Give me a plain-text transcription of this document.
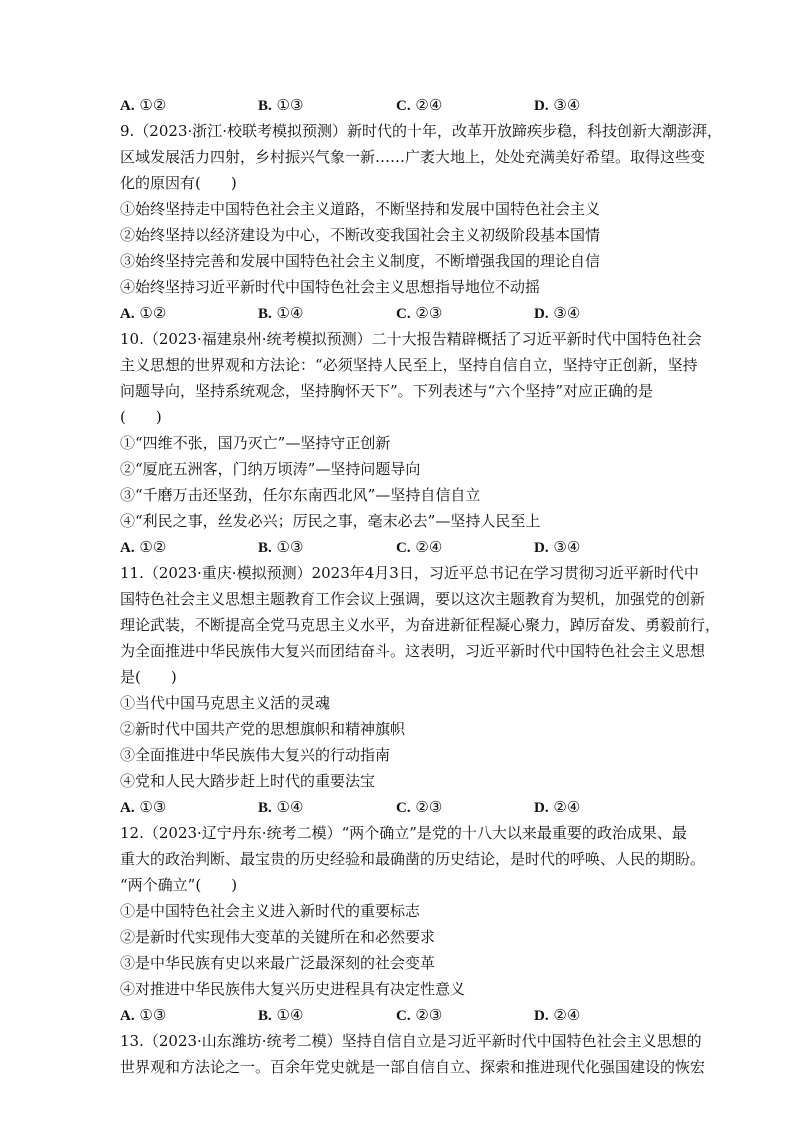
A. ①②	B. ①③	C. ②④	D. ③④
9.（2023·浙江·校联考模拟预测）新时代的十年，改革开放蹄疾步稳，科技创新大潮澎湃，
区域发展活力四射，乡村振兴气象一新……广袤大地上，处处充满美好希望。取得这些变
化的原因有(　　)
①始终坚持走中国特色社会主义道路，不断坚持和发展中国特色社会主义
②始终坚持以经济建设为中心，不断改变我国社会主义初级阶段基本国情
③始终坚持完善和发展中国特色社会主义制度，不断增强我国的理论自信
④始终坚持习近平新时代中国特色社会主义思想指导地位不动摇
A. ①②	B. ①④	C. ②③	D. ③④
10.（2023·福建泉州·统考模拟预测）二十大报告精辟概括了习近平新时代中国特色社会
主义思想的世界观和方法论：“必须坚持人民至上，坚持自信自立，坚持守正创新，坚持
问题导向，坚持系统观念，坚持胸怀天下”。下列表述与“六个坚持”对应正确的是
(　　)
①“四维不张，国乃灭亡”—坚持守正创新
②“厦庇五洲客，门纳万顷涛”—坚持问题导向
③“千磨万击还坚劲，任尔东南西北风”—坚持自信自立
④“利民之事，丝发必兴；厉民之事，毫末必去”—坚持人民至上
A. ①②	B. ①③	C. ②④	D. ③④
11.（2023·重庆·模拟预测）2023年4月3日，习近平总书记在学习贯彻习近平新时代中
国特色社会主义思想主题教育工作会议上强调，要以这次主题教育为契机，加强党的创新
理论武装，不断提高全党马克思主义水平，为奋进新征程凝心聚力，踔厉奋发、勇毅前行，
为全面推进中华民族伟大复兴而团结奋斗。这表明，习近平新时代中国特色社会主义思想
是(　　)
①当代中国马克思主义活的灵魂
②新时代中国共产党的思想旗帜和精神旗帜
③全面推进中华民族伟大复兴的行动指南
④党和人民大踏步赶上时代的重要法宝
A. ①③	B. ①④	C. ②③	D. ②④
12.（2023·辽宁丹东·统考二模）“两个确立”是党的十八大以来最重要的政治成果、最
重大的政治判断、最宝贵的历史经验和最确凿的历史结论，是时代的呼唤、人民的期盼。
“两个确立”(　　)
①是中国特色社会主义进入新时代的重要标志
②是新时代实现伟大变革的关键所在和必然要求
③是中华民族有史以来最广泛最深刻的社会变革
④对推进中华民族伟大复兴历史进程具有决定性意义
A. ①③	B. ①④	C. ②③	D. ②④
13.（2023·山东潍坊·统考二模）坚持自信自立是习近平新时代中国特色社会主义思想的
世界观和方法论之一。百余年党史就是一部自信自立、探索和推进现代化强国建设的恢宏
